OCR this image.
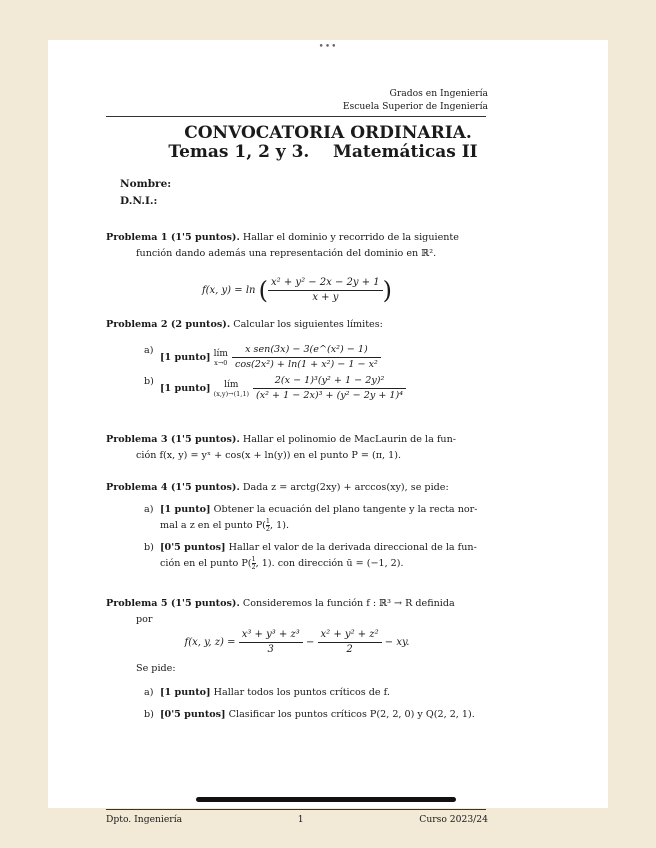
•••
Grados en Ingeniería
Escuela Superior de Ingeniería
CONVOCATORIA ORDINARIA.
Temas 1, 2 y 3.    Matemáticas II
Nombre:
D.N.I.:
Problema 1 (1'5 puntos). Hallar el dominio y recorrido de la siguiente
función dando además una representación del dominio en ℝ².
f(x, y) = ln ( $\frac{\text{x² + y² − 2x − 2y + 1}}{x + y}$ )
Problema 2 (2 puntos). Calcular los siguientes límites:
a)
[1 punto] lím
$x\to 0 \frac{\text{x sen(3x) − 3(e\textasciicircum{}(x²) − 1)}}{\text{cos(2x²) + ln(1 + x²) − 1 − x²}}$
b)
[1 punto] lím
$(x,y)\to(1,1) \frac{\text{2(x − 1)³(y² + 1 − 2y)²}}{\text{(x² + 1 − 2x)³ + (y² − 2y + 1)⁴}}$
Problema 3 (1'5 puntos). Hallar el polinomio de MacLaurin de la fun-
ción f(x, y) = yˣ + cos(x + ln(y)) en el punto P = (π, 1).
Problema 4 (1'5 puntos). Dada z = arctg(2xy) + arccos(xy), se pide:
a) [1 punto] Obtener la ecuación del plano tangente y la recta nor-
mal a z en el punto $P( \frac{1}{2}$, 1).
b) [0'5 puntos] Hallar el valor de la derivada direccional de la fun-
ción en el punto $P( \frac{1}{2}$, 1). con dirección ū = (−1, 2).
Problema 5 (1'5 puntos). Consideremos la función f : ℝ³ → R definida
por
f(x, y, $z) = \frac{\text{x³ + y³ + z³}}{3} - \frac{\text{x² + y² + z²}}{2}$ − xy.
Se pide:
a) [1 punto] Hallar todos los puntos críticos de f.
b) [0'5 puntos] Clasificar los puntos críticos P(2, 2, 0) y Q(2, 2, 1).
Dpto. Ingeniería	1	Curso 2023/24
